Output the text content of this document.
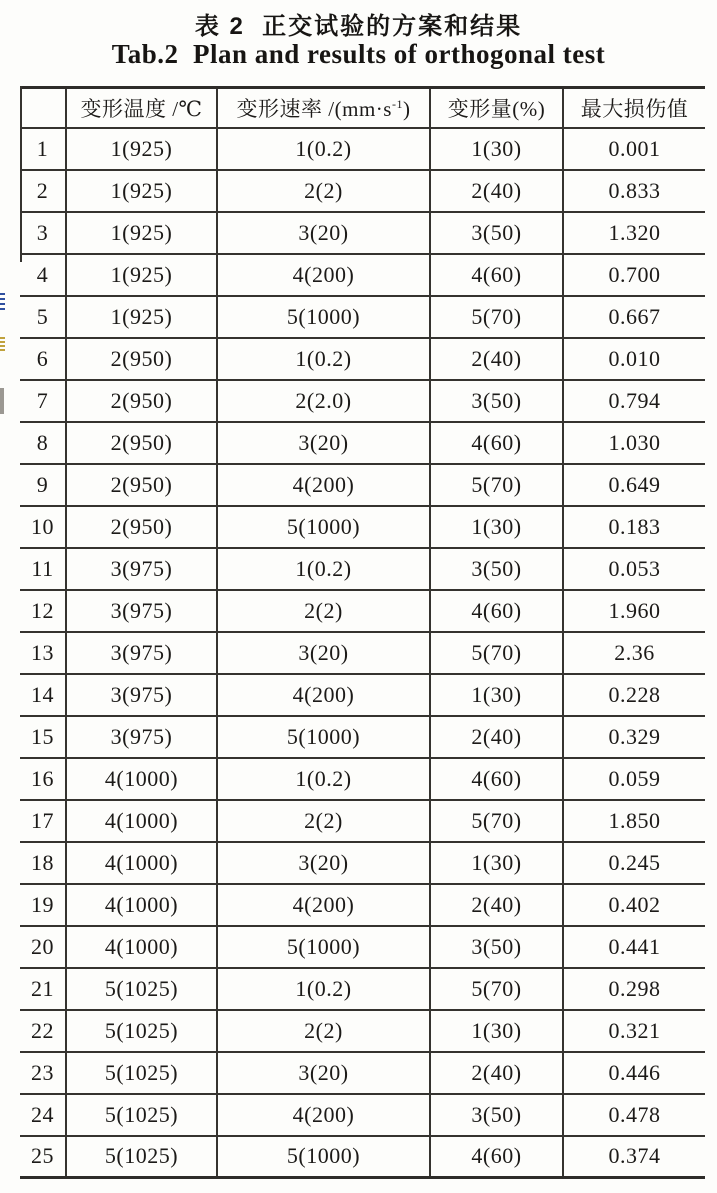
表 2  正交试验的方案和结果
Tab.2  Plan and results of orthogonal test
	变形温度 /℃	变形速率 $/(mm\cdot s^{-1})$	变形量(%)	最大损伤值
1	1(925)	1(0.2)	1(30)	0.001
2	1(925)	2(2)	2(40)	0.833
3	1(925)	3(20)	3(50)	1.320
4	1(925)	4(200)	4(60)	0.700
5	1(925)	5(1000)	5(70)	0.667
6	2(950)	1(0.2)	2(40)	0.010
7	2(950)	2(2.0)	3(50)	0.794
8	2(950)	3(20)	4(60)	1.030
9	2(950)	4(200)	5(70)	0.649
10	2(950)	5(1000)	1(30)	0.183
11	3(975)	1(0.2)	3(50)	0.053
12	3(975)	2(2)	4(60)	1.960
13	3(975)	3(20)	5(70)	2.36
14	3(975)	4(200)	1(30)	0.228
15	3(975)	5(1000)	2(40)	0.329
16	4(1000)	1(0.2)	4(60)	0.059
17	4(1000)	2(2)	5(70)	1.850
18	4(1000)	3(20)	1(30)	0.245
19	4(1000)	4(200)	2(40)	0.402
20	4(1000)	5(1000)	3(50)	0.441
21	5(1025)	1(0.2)	5(70)	0.298
22	5(1025)	2(2)	1(30)	0.321
23	5(1025)	3(20)	2(40)	0.446
24	5(1025)	4(200)	3(50)	0.478
25	5(1025)	5(1000)	4(60)	0.374
